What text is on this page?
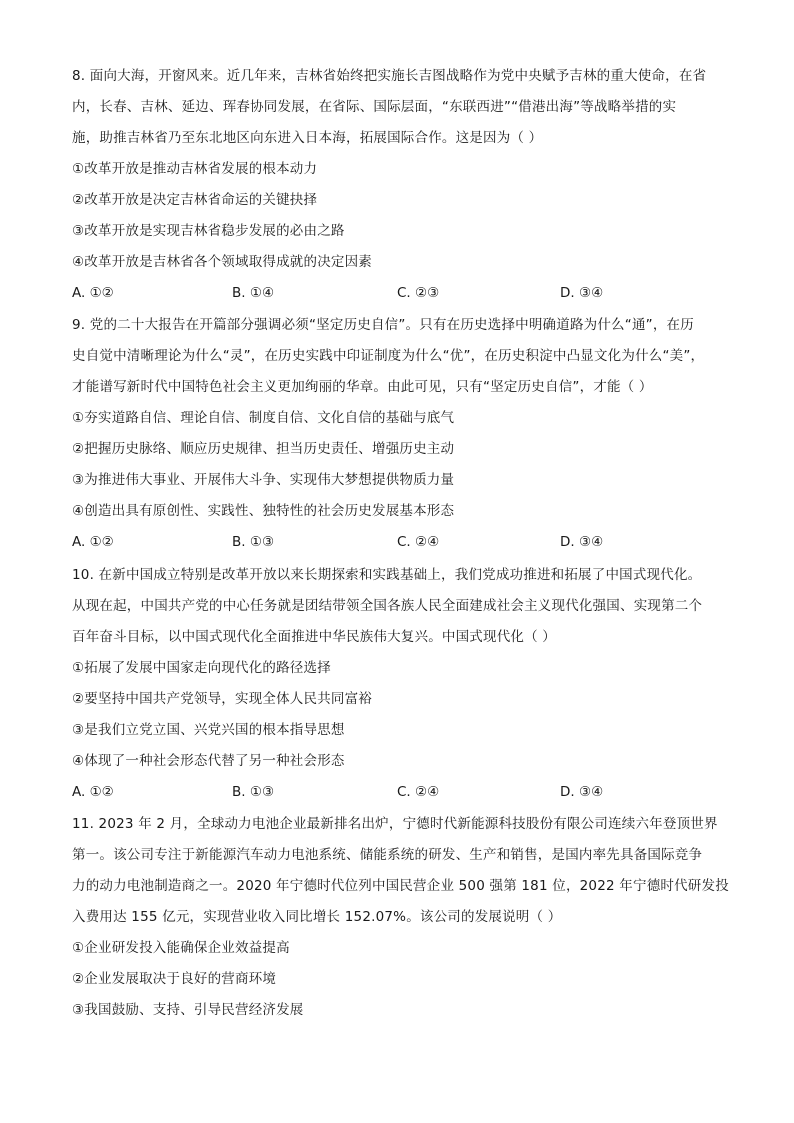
8. 面向大海，开窗风来。近几年来，吉林省始终把实施长吉图战略作为党中央赋予吉林的重大使命，在省
内，长春、吉林、延边、珲春协同发展，在省际、国际层面，“东联西进”“借港出海”等战略举措的实
施，助推吉林省乃至东北地区向东进入日本海，拓展国际合作。这是因为（ ）
①改革开放是推动吉林省发展的根本动力
②改革开放是决定吉林省命运的关键抉择
③改革开放是实现吉林省稳步发展的必由之路
④改革开放是吉林省各个领域取得成就的决定因素
A. ①②	B. ①④	C. ②③	D. ③④
9. 党的二十大报告在开篇部分强调必须“坚定历史自信”。只有在历史选择中明确道路为什么“通”，在历
史自觉中清晰理论为什么“灵”，在历史实践中印证制度为什么“优”，在历史积淀中凸显文化为什么“美”，
才能谱写新时代中国特色社会主义更加绚丽的华章。由此可见，只有“坚定历史自信”，才能（ ）
①夯实道路自信、理论自信、制度自信、文化自信的基础与底气
②把握历史脉络、顺应历史规律、担当历史责任、增强历史主动
③为推进伟大事业、开展伟大斗争、实现伟大梦想提供物质力量
④创造出具有原创性、实践性、独特性的社会历史发展基本形态
A. ①②	B. ①③	C. ②④	D. ③④
10. 在新中国成立特别是改革开放以来长期探索和实践基础上，我们党成功推进和拓展了中国式现代化。
从现在起，中国共产党的中心任务就是团结带领全国各族人民全面建成社会主义现代化强国、实现第二个
百年奋斗目标，以中国式现代化全面推进中华民族伟大复兴。中国式现代化（ ）
①拓展了发展中国家走向现代化的路径选择
②要坚持中国共产党领导，实现全体人民共同富裕
③是我们立党立国、兴党兴国的根本指导思想
④体现了一种社会形态代替了另一种社会形态
A. ①②	B. ①③	C. ②④	D. ③④
11. 2023 年 2 月，全球动力电池企业最新排名出炉，宁德时代新能源科技股份有限公司连续六年登顶世界
第一。该公司专注于新能源汽车动力电池系统、储能系统的研发、生产和销售，是国内率先具备国际竞争
力的动力电池制造商之一。2020 年宁德时代位列中国民营企业 500 强第 181 位，2022 年宁德时代研发投
入费用达 155 亿元，实现营业收入同比增长 152.07%。该公司的发展说明（ ）
①企业研发投入能确保企业效益提高
②企业发展取决于良好的营商环境
③我国鼓励、支持、引导民营经济发展
